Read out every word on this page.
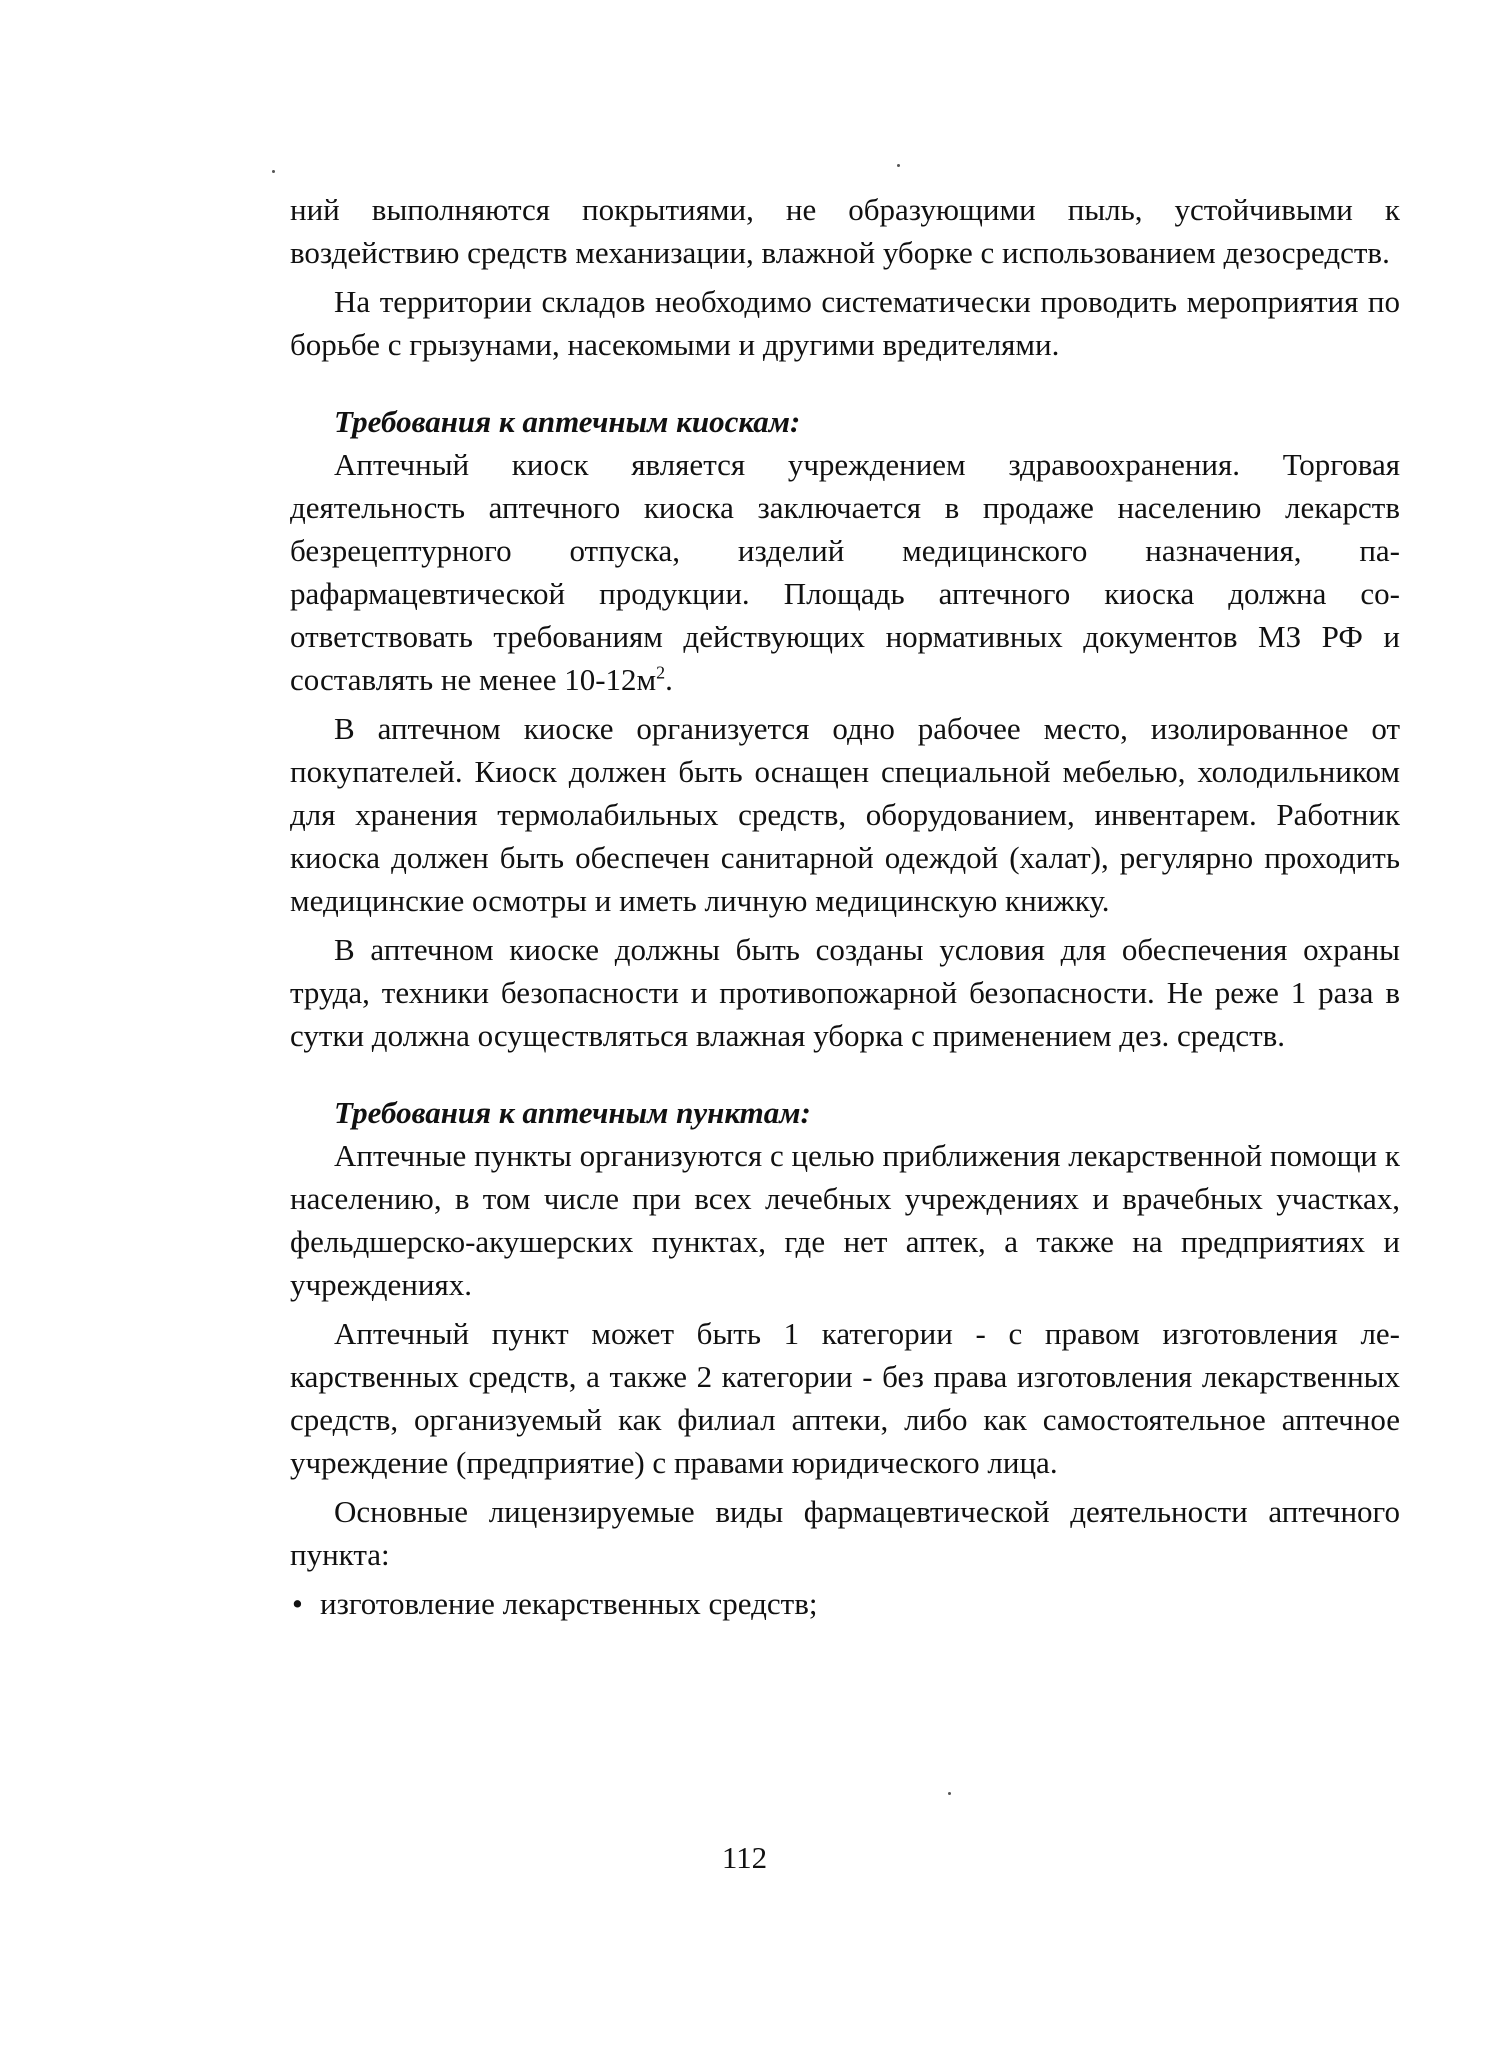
ний выполняются покрытиями, не образующими пыль, устойчивыми к воздействию средств механизации, влажной уборке с использованием дезосредств.

На территории складов необходимо систематически проводить мероприятия по борьбе с грызунами, насекомыми и другими вредителями.

Требования к аптечным киоскам:

Аптечный киоск является учреждением здравоохранения. Торговая деятельность аптечного киоска заключается в продаже населению лекарств безрецептурного отпуска, изделий медицинского назначения, парафармацевтической продукции. Площадь аптечного киоска должна соответствовать требованиям действующих нормативных документов МЗ РФ и составлять не менее $10-12м^2$.

В аптечном киоске организуется одно рабочее место, изолированное от покупателей. Киоск должен быть оснащен специальной мебелью, холодильником для хранения термолабильных средств, оборудованием, инвентарем. Работник киоска должен быть обеспечен санитарной одеждой (халат), регулярно проходить медицинские осмотры и иметь личную медицинскую книжку.

В аптечном киоске должны быть созданы условия для обеспечения охраны труда, техники безопасности и противопожарной безопасности. Не реже 1 раза в сутки должна осуществляться влажная уборка с применением дез. средств.

Требования к аптечным пунктам:

Аптечные пункты организуются с целью приближения лекарственной помощи к населению, в том числе при всех лечебных учреждениях и врачебных участках, фельдшерско-акушерских пунктах, где нет аптек, а также на предприятиях и учреждениях.

Аптечный пункт может быть 1 категории - с правом изготовления лекарственных средств, а также 2 категории - без права изготовления лекарственных средств, организуемый как филиал аптеки, либо как самостоятельное аптечное учреждение (предприятие) с правами юридического лица.

Основные лицензируемые виды фармацевтической деятельности аптечного пункта:

• изготовление лекарственных средств;
112
